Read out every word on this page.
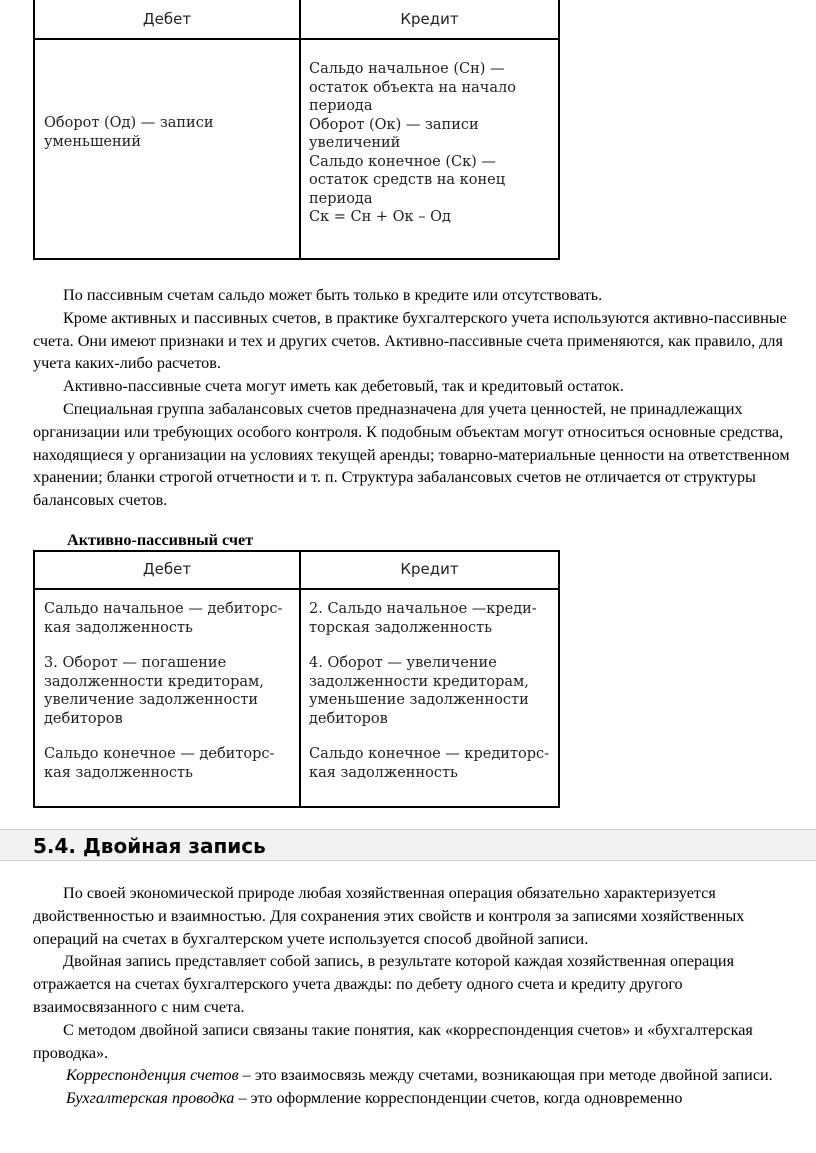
Дебет	Кредит
Оборот (Од) — записи
уменьшений
Сальдо начальное (Сн) —
остаток объекта на начало
периода
Оборот (Ок) — записи
увеличений
Сальдо конечное (Ск) —
остаток средств на конец
периода
Ск = Сн + Ок – Од

По пассивным счетам сальдо может быть только в кредите или отсутствовать.

Кроме активных и пассивных счетов, в практике бухгалтерского учета используются активно-пассивные счета. Они имеют признаки и тех и других счетов. Активно-пассивные счета применяются, как правило, для учета каких-либо расчетов.

Активно-пассивные счета могут иметь как дебетовый, так и кредитовый остаток.

Специальная группа забалансовых счетов предназначена для учета ценностей, не принадлежащих организации или требующих особого контроля. К подобным объектам могут относиться основные средства, находящиеся у организации на условиях текущей аренды; товарно-материальные ценности на ответственном хранении; бланки строгой отчетности и т. п. Структура забалансовых счетов не отличается от структуры балансовых счетов.

Активно-пассивный счет
Дебет	Кредит
Сальдо начальное — дебиторс-
кая задолженность
3. Оборот — погашение
задолженности кредиторам,
увеличение задолженности
дебиторов
Сальдо конечное — дебиторс-
кая задолженность
2. Сальдо начальное —креди-
торская задолженность
4. Оборот — увеличение
задолженности кредиторам,
уменьшение задолженности
дебиторов
Сальдо конечное — кредиторс-
кая задолженность
5.4. Двойная запись

По своей экономической природе любая хозяйственная операция обязательно характеризуется двойственностью и взаимностью. Для сохранения этих свойств и контроля за записями хозяйственных операций на счетах в бухгалтерском учете используется способ двойной записи.

Двойная запись представляет собой запись, в результате которой каждая хозяйственная операция отражается на счетах бухгалтерского учета дважды: по дебету одного счета и кредиту другого взаимосвязанного с ним счета.

С методом двойной записи связаны такие понятия, как «корреспонденция счетов» и «бухгалтерская проводка».

Корреспонденция счетов – это взаимосвязь между счетами, возникающая при методе двойной записи.

Бухгалтерская проводка – это оформление корреспонденции счетов, когда одновременно
